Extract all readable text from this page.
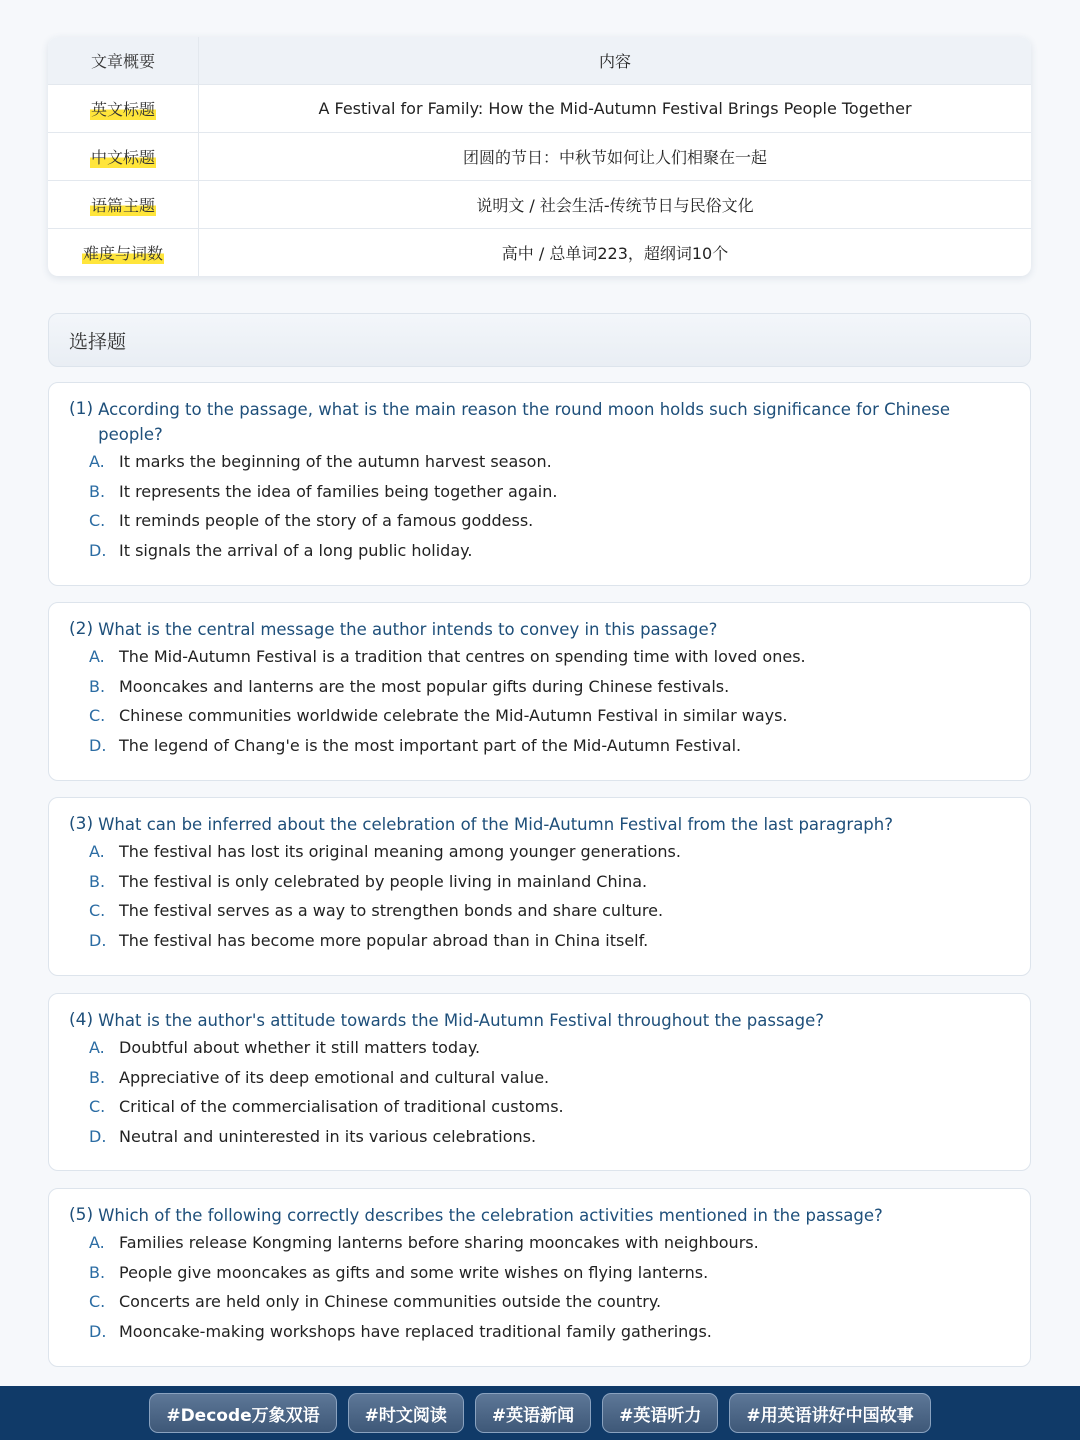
文章概要	内容
英文标题	A Festival for Family: How the Mid-Autumn Festival Brings People Together
中文标题	团圆的节日：中秋节如何让人们相聚在一起
语篇主题	说明文 / 社会生活-传统节日与民俗文化
难度与词数	高中 / 总单词223，超纲词10个
选择题
(1) According to the passage, what is the main reason the round moon holds such significance for Chinese people?
A. It marks the beginning of the autumn harvest season.
B. It represents the idea of families being together again.
C. It reminds people of the story of a famous goddess.
D. It signals the arrival of a long public holiday.
(2) What is the central message the author intends to convey in this passage?
A. The Mid-Autumn Festival is a tradition that centres on spending time with loved ones.
B. Mooncakes and lanterns are the most popular gifts during Chinese festivals.
C. Chinese communities worldwide celebrate the Mid-Autumn Festival in similar ways.
D. The legend of Chang'e is the most important part of the Mid-Autumn Festival.
(3) What can be inferred about the celebration of the Mid-Autumn Festival from the last paragraph?
A. The festival has lost its original meaning among younger generations.
B. The festival is only celebrated by people living in mainland China.
C. The festival serves as a way to strengthen bonds and share culture.
D. The festival has become more popular abroad than in China itself.
(4) What is the author's attitude towards the Mid-Autumn Festival throughout the passage?
A. Doubtful about whether it still matters today.
B. Appreciative of its deep emotional and cultural value.
C. Critical of the commercialisation of traditional customs.
D. Neutral and uninterested in its various celebrations.
(5) Which of the following correctly describes the celebration activities mentioned in the passage?
A. Families release Kongming lanterns before sharing mooncakes with neighbours.
B. People give mooncakes as gifts and some write wishes on flying lanterns.
C. Concerts are held only in Chinese communities outside the country.
D. Mooncake-making workshops have replaced traditional family gatherings.
#Decode万象双语	#时文阅读	#英语新闻	#英语听力	#用英语讲好中国故事
